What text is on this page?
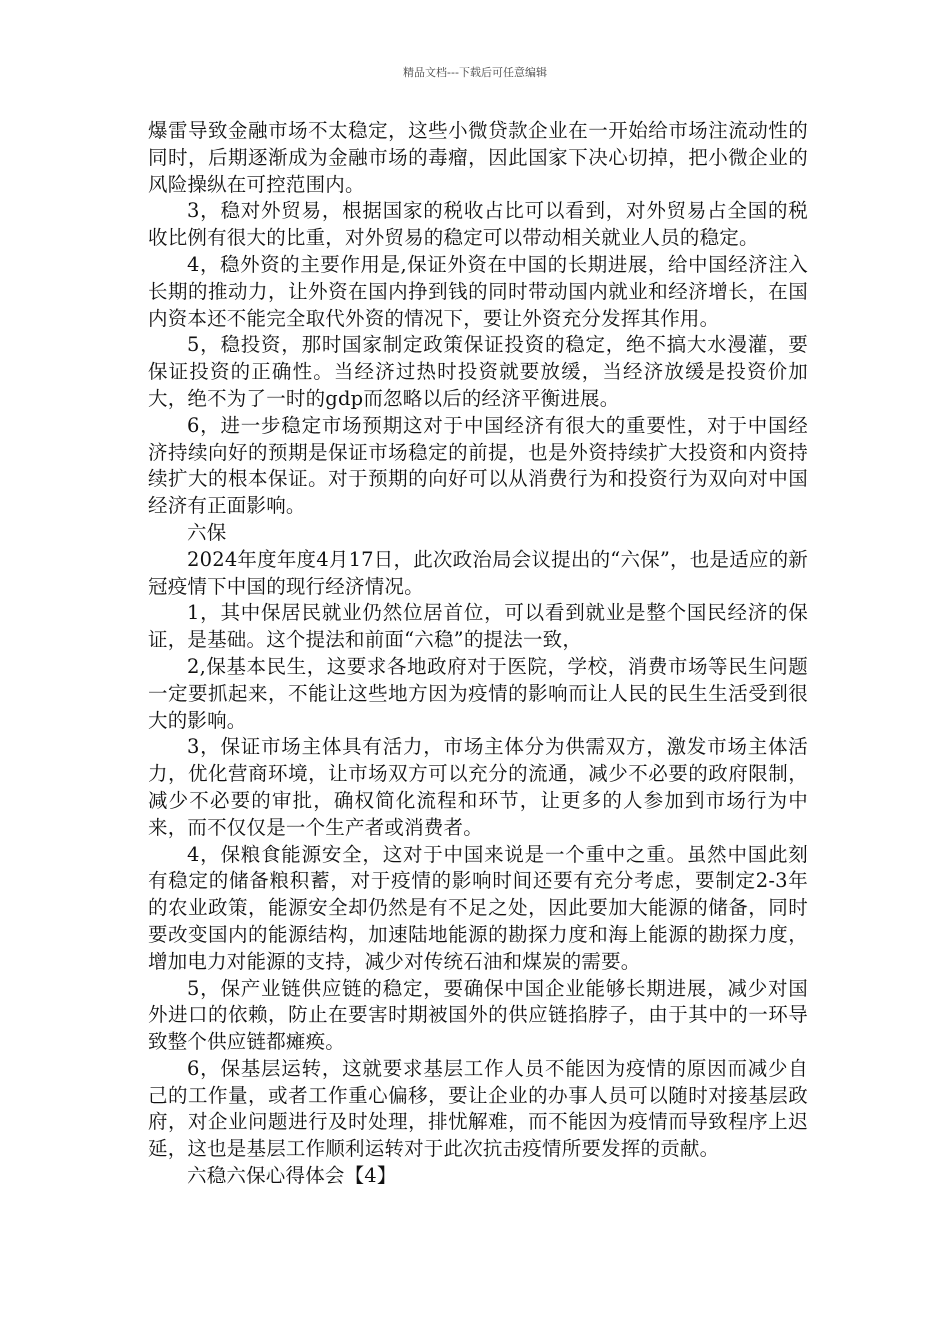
精品文档---下载后可任意编辑

爆雷导致金融市场不太稳定，这些小微贷款企业在一开始给市场注流动性的同时，后期逐渐成为金融市场的毒瘤，因此国家下决心切掉，把小微企业的风险操纵在可控范围内。

3，稳对外贸易，根据国家的税收占比可以看到，对外贸易占全国的税收比例有很大的比重，对外贸易的稳定可以带动相关就业人员的稳定。

4，稳外资的主要作用是,保证外资在中国的长期进展，给中国经济注入长期的推动力，让外资在国内挣到钱的同时带动国内就业和经济增长，在国内资本还不能完全取代外资的情况下，要让外资充分发挥其作用。

5，稳投资，那时国家制定政策保证投资的稳定，绝不搞大水漫灌，要保证投资的正确性。当经济过热时投资就要放缓，当经济放缓是投资价加大，绝不为了一时的gdp而忽略以后的经济平衡进展。

6，进一步稳定市场预期这对于中国经济有很大的重要性，对于中国经济持续向好的预期是保证市场稳定的前提，也是外资持续扩大投资和内资持续扩大的根本保证。对于预期的向好可以从消费行为和投资行为双向对中国经济有正面影响。

六保

2024年度年度4月17日，此次政治局会议提出的“六保”，也是适应的新冠疫情下中国的现行经济情况。

1，其中保居民就业仍然位居首位，可以看到就业是整个国民经济的保证，是基础。这个提法和前面“六稳”的提法一致，

2,保基本民生，这要求各地政府对于医院，学校，消费市场等民生问题一定要抓起来，不能让这些地方因为疫情的影响而让人民的民生生活受到很大的影响。

3，保证市场主体具有活力，市场主体分为供需双方，激发市场主体活力，优化营商环境，让市场双方可以充分的流通，减少不必要的政府限制，减少不必要的审批，确权简化流程和环节，让更多的人参加到市场行为中来，而不仅仅是一个生产者或消费者。

4，保粮食能源安全，这对于中国来说是一个重中之重。虽然中国此刻有稳定的储备粮积蓄，对于疫情的影响时间还要有充分考虑，要制定2-3年的农业政策，能源安全却仍然是有不足之处，因此要加大能源的储备，同时要改变国内的能源结构，加速陆地能源的勘探力度和海上能源的勘探力度，增加电力对能源的支持，减少对传统石油和煤炭的需要。

5，保产业链供应链的稳定，要确保中国企业能够长期进展，减少对国外进口的依赖，防止在要害时期被国外的供应链掐脖子，由于其中的一环导致整个供应链都瘫痪。

6，保基层运转，这就要求基层工作人员不能因为疫情的原因而减少自己的工作量，或者工作重心偏移，要让企业的办事人员可以随时对接基层政府，对企业问题进行及时处理，排忧解难，而不能因为疫情而导致程序上迟延，这也是基层工作顺利运转对于此次抗击疫情所要发挥的贡献。

六稳六保心得体会【4】
